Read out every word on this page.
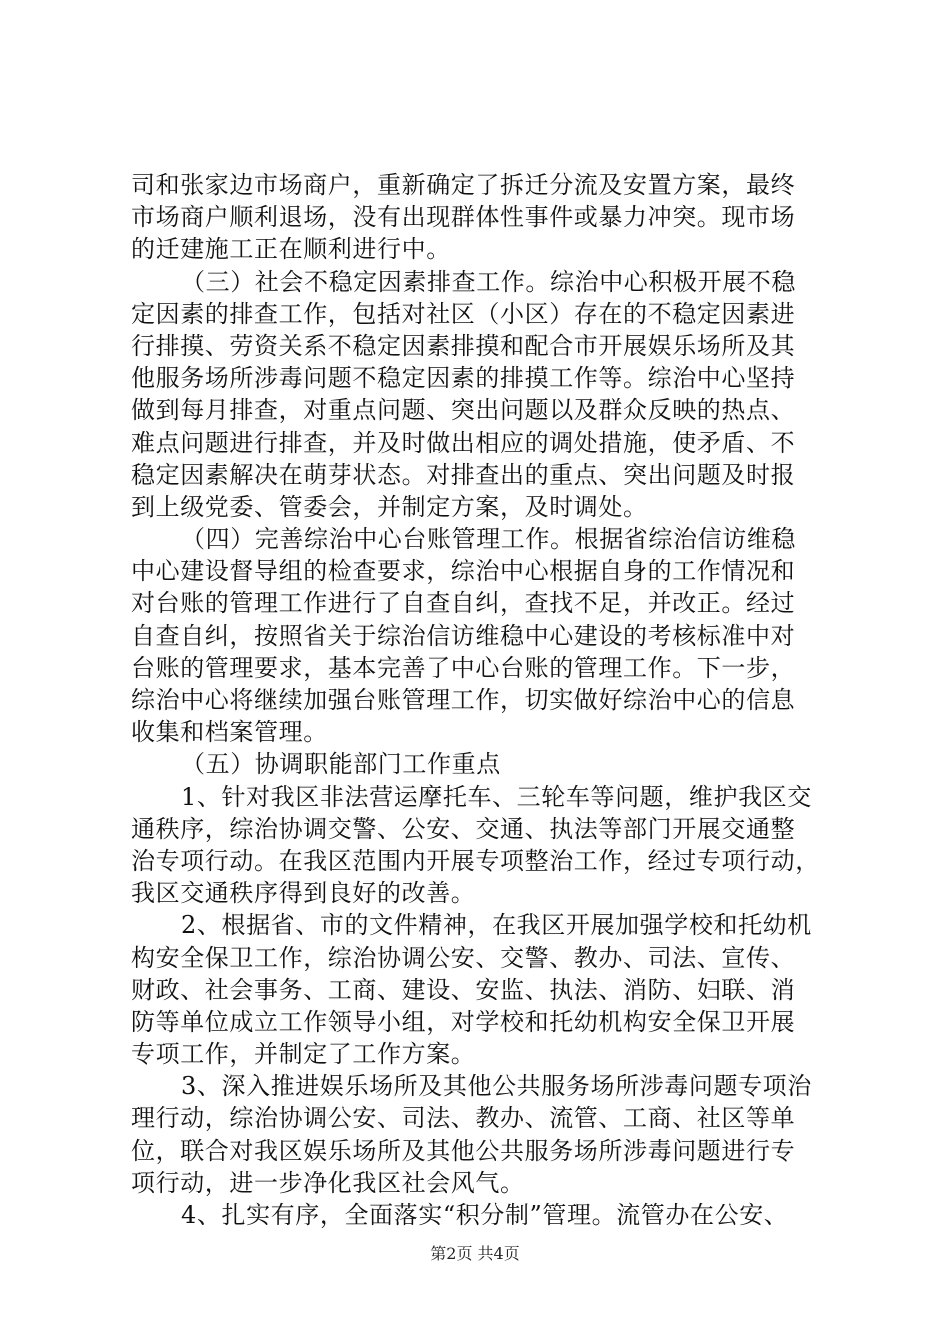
司和张家边市场商户，重新确定了拆迁分流及安置方案，最终
市场商户顺利退场，没有出现群体性事件或暴力冲突。现市场
的迁建施工正在顺利进行中。
（三）社会不稳定因素排查工作。综治中心积极开展不稳
定因素的排查工作，包括对社区（小区）存在的不稳定因素进
行排摸、劳资关系不稳定因素排摸和配合市开展娱乐场所及其
他服务场所涉毒问题不稳定因素的排摸工作等。综治中心坚持
做到每月排查，对重点问题、突出问题以及群众反映的热点、
难点问题进行排查，并及时做出相应的调处措施，使矛盾、不
稳定因素解决在萌芽状态。对排查出的重点、突出问题及时报
到上级党委、管委会，并制定方案，及时调处。
（四）完善综治中心台账管理工作。根据省综治信访维稳
中心建设督导组的检查要求，综治中心根据自身的工作情况和
对台账的管理工作进行了自查自纠，查找不足，并改正。经过
自查自纠，按照省关于综治信访维稳中心建设的考核标准中对
台账的管理要求，基本完善了中心台账的管理工作。下一步，
综治中心将继续加强台账管理工作，切实做好综治中心的信息
收集和档案管理。
（五）协调职能部门工作重点
1、针对我区非法营运摩托车、三轮车等问题，维护我区交
通秩序，综治协调交警、公安、交通、执法等部门开展交通整
治专项行动。在我区范围内开展专项整治工作，经过专项行动，
我区交通秩序得到良好的改善。
2、根据省、市的文件精神，在我区开展加强学校和托幼机
构安全保卫工作，综治协调公安、交警、教办、司法、宣传、
财政、社会事务、工商、建设、安监、执法、消防、妇联、消
防等单位成立工作领导小组，对学校和托幼机构安全保卫开展
专项工作，并制定了工作方案。
3、深入推进娱乐场所及其他公共服务场所涉毒问题专项治
理行动，综治协调公安、司法、教办、流管、工商、社区等单
位，联合对我区娱乐场所及其他公共服务场所涉毒问题进行专
项行动，进一步净化我区社会风气。
4、扎实有序，全面落实“积分制”管理。流管办在公安、
第2页 共4页
